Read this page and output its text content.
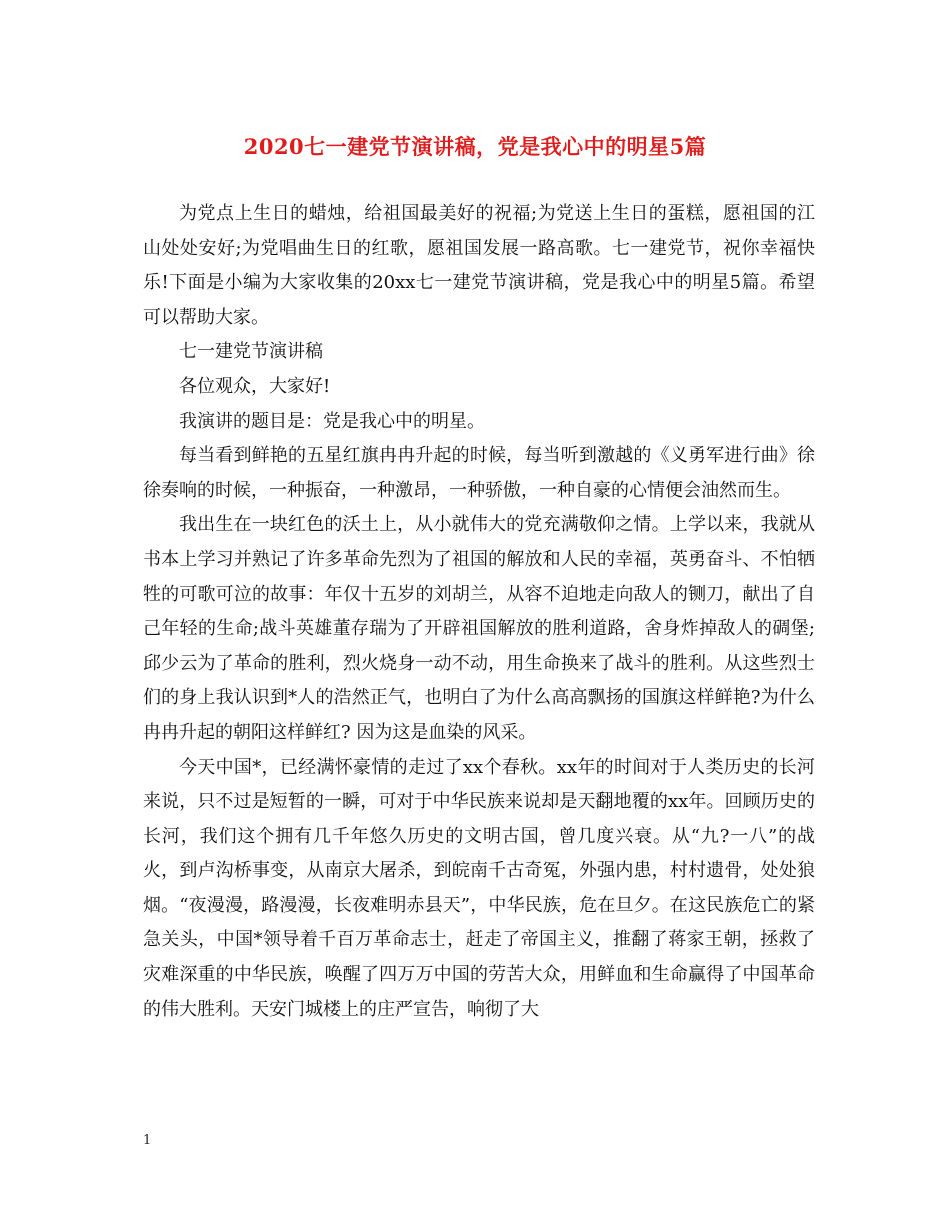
2020七一建党节演讲稿，党是我心中的明星5篇

为党点上生日的蜡烛，给祖国最美好的祝福;为党送上生日的蛋糕，愿祖国的江山处处安好;为党唱曲生日的红歌，愿祖国发展一路高歌。七一建党节，祝你幸福快乐!下面是小编为大家收集的20xx七一建党节演讲稿，党是我心中的明星5篇。希望可以帮助大家。

七一建党节演讲稿

各位观众，大家好!

我演讲的题目是：党是我心中的明星。

每当看到鲜艳的五星红旗冉冉升起的时候，每当听到激越的《义勇军进行曲》徐徐奏响的时候，一种振奋，一种激昂，一种骄傲，一种自豪的心情便会油然而生。

我出生在一块红色的沃土上，从小就伟大的党充满敬仰之情。上学以来，我就从书本上学习并熟记了许多革命先烈为了祖国的解放和人民的幸福，英勇奋斗、不怕牺牲的可歌可泣的故事：年仅十五岁的刘胡兰，从容不迫地走向敌人的铡刀，献出了自己年轻的生命;战斗英雄董存瑞为了开辟祖国解放的胜利道路，舍身炸掉敌人的碉堡;邱少云为了革命的胜利，烈火烧身一动不动，用生命换来了战斗的胜利。从这些烈士们的身上我认识到*人的浩然正气，也明白了为什么高高飘扬的国旗这样鲜艳?为什么冉冉升起的朝阳这样鲜红? 因为这是血染的风采。

今天中国*，已经满怀豪情的走过了xx个春秋。xx年的时间对于人类历史的长河来说，只不过是短暂的一瞬，可对于中华民族来说却是天翻地覆的xx年。回顾历史的长河，我们这个拥有几千年悠久历史的文明古国，曾几度兴衰。从“九?一八”的战火，到卢沟桥事变，从南京大屠杀，到皖南千古奇冤，外强内患，村村遗骨，处处狼烟。“夜漫漫，路漫漫，长夜难明赤县天”，中华民族，危在旦夕。在这民族危亡的紧急关头，中国*领导着千百万革命志士，赶走了帝国主义，推翻了蒋家王朝，拯救了灾难深重的中华民族，唤醒了四万万中国的劳苦大众，用鲜血和生命赢得了中国革命的伟大胜利。天安门城楼上的庄严宣告，响彻了大

1
